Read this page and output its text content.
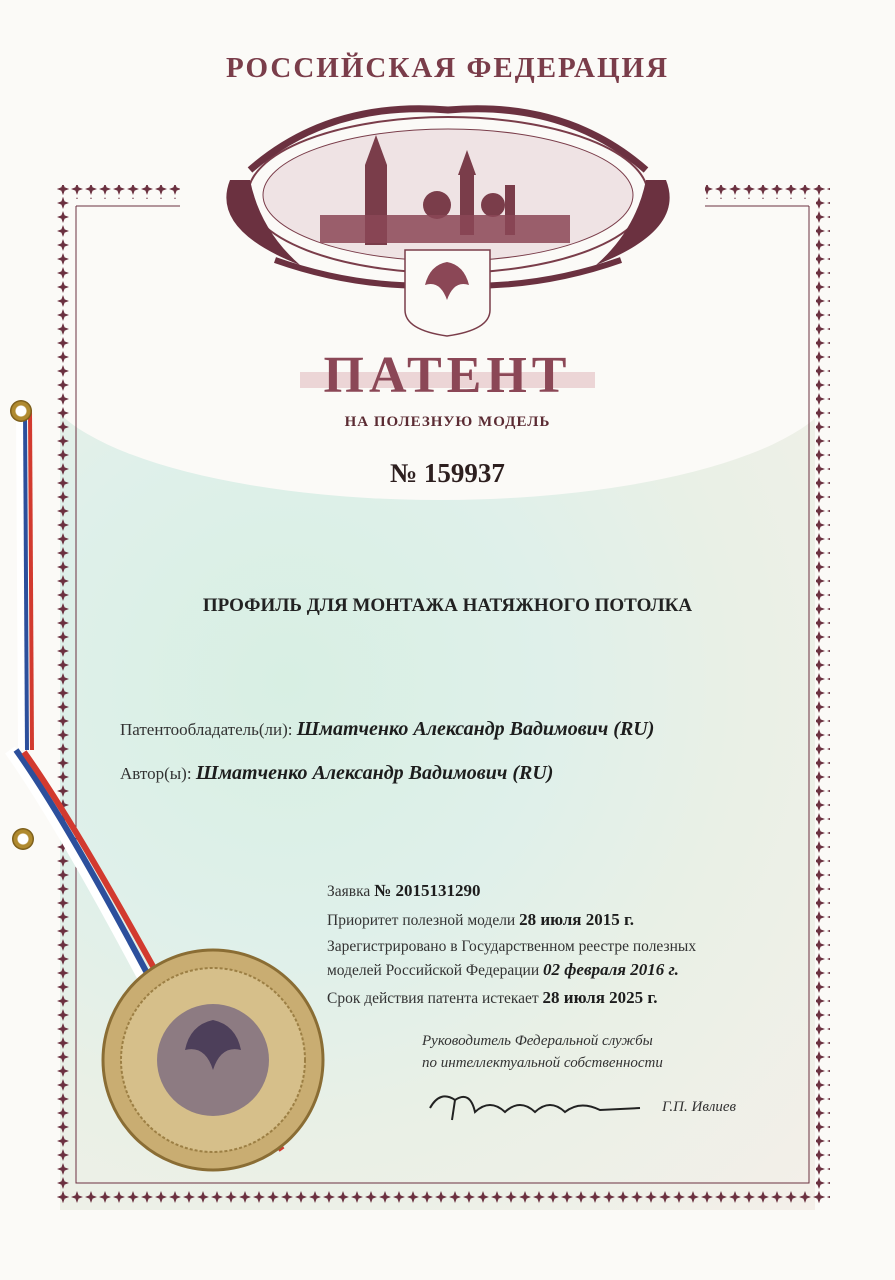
РОССИЙСКАЯ ФЕДЕРАЦИЯ
ПАТЕНТ
НА ПОЛЕЗНУЮ МОДЕЛЬ
№ 159937
ПРОФИЛЬ ДЛЯ МОНТАЖА НАТЯЖНОГО ПОТОЛКА
Патентообладатель(ли): Шматченко Александр Вадимович (RU)
Автор(ы): Шматченко Александр Вадимович (RU)
Заявка № 2015131290
Приоритет полезной модели 28 июля 2015 г.
Зарегистрировано в Государственном реестре полезных
моделей Российской Федерации 02 февраля 2016 г.
Срок действия патента истекает 28 июля 2025 г.
Руководитель Федеральной службы
по интеллектуальной собственности
Г.П. Ивлиев
